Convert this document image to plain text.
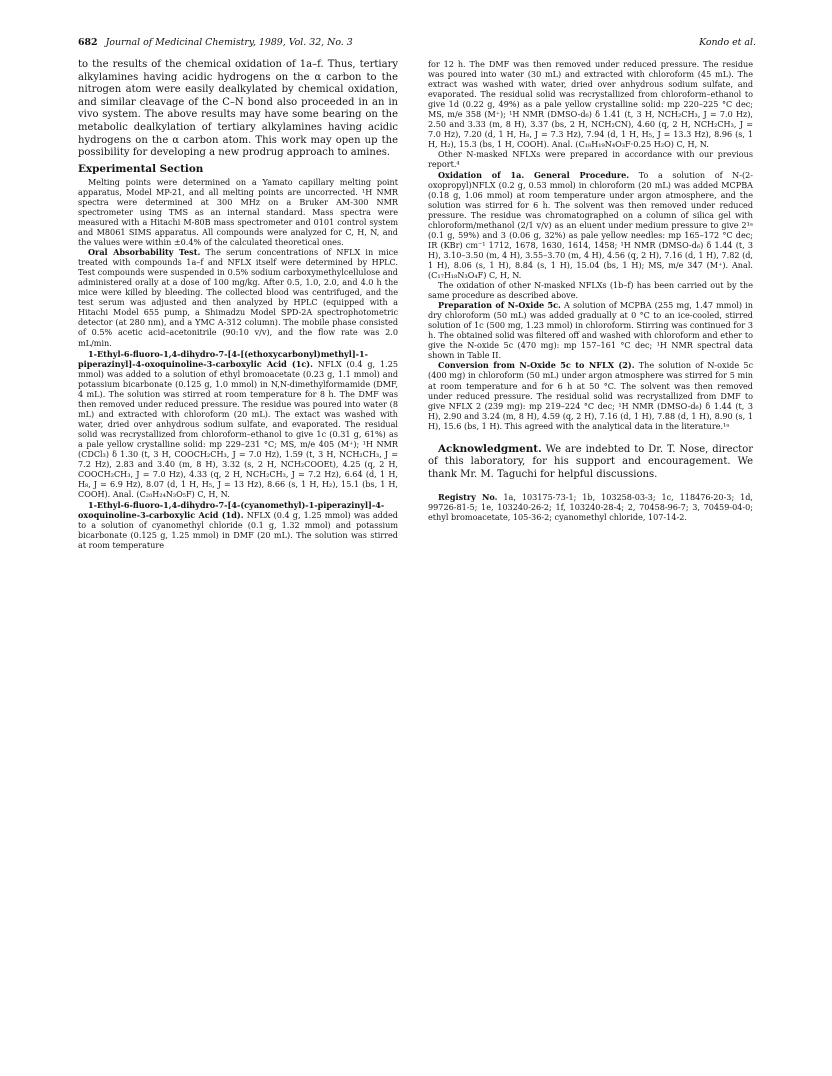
682 Journal of Medicinal Chemistry, 1989, Vol. 32, No. 3	Kondo et al.

to the results of the chemical oxidation of 1a–f. Thus, tertiary alkylamines having acidic hydrogens on the α carbon to the nitrogen atom were easily dealkylated by chemical oxidation, and similar cleavage of the C–N bond also proceeded in an in vivo system. The above results may have some bearing on the metabolic dealkylation of tertiary alkylamines having acidic hydrogens on the α carbon atom. This work may open up the possibility for developing a new prodrug approach to amines.

Experimental Section

Melting points were determined on a Yamato capillary melting point apparatus, Model MP-21, and all melting points are uncorrected. ¹H NMR spectra were determined at 300 MHz on a Bruker AM-300 NMR spectrometer using TMS as an internal standard. Mass spectra were measured with a Hitachi M-80B mass spectrometer and 0101 control system and M8061 SIMS apparatus. All compounds were analyzed for C, H, N, and the values were within ±0.4% of the calculated theoretical ones.

Oral Absorbability Test. The serum concentrations of NFLX in mice treated with compounds 1a–f and NFLX itself were determined by HPLC. Test compounds were suspended in 0.5% sodium carboxymethylcellulose and administered orally at a dose of 100 mg/kg. After 0.5, 1.0, 2.0, and 4.0 h the mice were killed by bleeding. The collected blood was centrifuged, and the test serum was adjusted and then analyzed by HPLC (equipped with a Hitachi Model 655 pump, a Shimadzu Model SPD-2A spectrophotometric detector (at 280 nm), and a YMC A-312 column). The mobile phase consisted of 0.5% acetic acid–acetonitrile (90:10 v/v), and the flow rate was 2.0 mL/min.

1-Ethyl-6-fluoro-1,4-dihydro-7-[4-[(ethoxycarbonyl)methyl]-1-piperazinyl]-4-oxoquinoline-3-carboxylic Acid (1c). NFLX (0.4 g, 1.25 mmol) was added to a solution of ethyl bromoacetate (0.23 g, 1.1 mmol) and potassium bicarbonate (0.125 g, 1.0 mmol) in N,N-dimethylformamide (DMF, 4 mL). The solution was stirred at room temperature for 8 h. The DMF was then removed under reduced pressure. The residue was poured into water (8 mL) and extracted with chloroform (20 mL). The extact was washed with water, dried over anhydrous sodium sulfate, and evaporated. The residual solid was recrystallized from chloroform–ethanol to give 1c (0.31 g, 61%) as a pale yellow crystalline solid: mp 229–231 °C; MS, m/e 405 (M⁺); ¹H NMR (CDCl₃) δ 1.30 (t, 3 H, COOCH₂CH₃, J = 7.0 Hz), 1.59 (t, 3 H, NCH₂CH₃, J = 7.2 Hz), 2.83 and 3.40 (m, 8 H), 3.32 (s, 2 H, NCH₂COOEt), 4.25 (q, 2 H, COOCH₂CH₃, J = 7.0 Hz), 4.33 (q, 2 H, NCH₂CH₃, J = 7.2 Hz), 6.64 (d, 1 H, H₈, J = 6.9 Hz), 8.07 (d, 1 H, H₅, J = 13 Hz), 8.66 (s, 1 H, H₂), 15.1 (bs, 1 H, COOH). Anal. (C₂₀H₂₄N₃O₅F) C, H, N.

1-Ethyl-6-fluoro-1,4-dihydro-7-[4-(cyanomethyl)-1-piperazinyl]-4-oxoquinoline-3-carboxylic Acid (1d). NFLX (0.4 g, 1.25 mmol) was added to a solution of cyanomethyl chloride (0.1 g, 1.32 mmol) and potassium bicarbonate (0.125 g, 1.25 mmol) in DMF (20 mL). The solution was stirred at room temperature

for 12 h. The DMF was then removed under reduced pressure. The residue was poured into water (30 mL) and extracted with chloroform (45 mL). The extract was washed with water, dried over anhydrous sodium sulfate, and evaporated. The residual solid was recrystallized from chloroform–ethanol to give 1d (0.22 g, 49%) as a pale yellow crystalline solid: mp 220–225 °C dec; MS, m/e 358 (M⁺); ¹H NMR (DMSO-d₆) δ 1.41 (t, 3 H, NCH₂CH₃, J = 7.0 Hz), 2.50 and 3.33 (m, 8 H), 3.37 (bs, 2 H, NCH₂CN), 4.60 (q, 2 H, NCH₂CH₃, J = 7.0 Hz), 7.20 (d, 1 H, H₈, J = 7.3 Hz), 7.94 (d, 1 H, H₅, J = 13.3 Hz), 8.96 (s, 1 H, H₂), 15.3 (bs, 1 H, COOH). Anal. (C₁₈H₁₉N₄O₃F·0.25 H₂O) C, H, N.

Other N-masked NFLXs were prepared in accordance with our previous report.⁴

Oxidation of 1a. General Procedure. To a solution of N-(2-oxopropyl)NFLX (0.2 g, 0.53 mmol) in chloroform (20 mL) was added MCPBA (0.18 g, 1.06 mmol) at room temperature under argon atmosphere, and the solution was stirred for 6 h. The solvent was then removed under reduced pressure. The residue was chromatographed on a column of silica gel with chloroform/methanol (2/1 v/v) as an eluent under medium pressure to give 2¹ᵃ (0.1 g, 59%) and 3 (0.06 g, 32%) as pale yellow needles: mp 165–172 °C dec; IR (KBr) cm⁻¹ 1712, 1678, 1630, 1614, 1458; ¹H NMR (DMSO-d₆) δ 1.44 (t, 3 H), 3.10–3.50 (m, 4 H), 3.55–3.70 (m, 4 H), 4.56 (q, 2 H), 7.16 (d, 1 H), 7.82 (d, 1 H), 8.06 (s, 1 H), 8.84 (s, 1 H), 15.04 (bs, 1 H); MS, m/e 347 (M⁺). Anal. (C₁₇H₁₈N₃O₄F) C, H, N.

The oxidation of other N-masked NFLXs (1b–f) has been carried out by the same procedure as described above.

Preparation of N-Oxide 5c. A solution of MCPBA (255 mg, 1.47 mmol) in dry chloroform (50 mL) was added gradually at 0 °C to an ice-cooled, stirred solution of 1c (500 mg, 1.23 mmol) in chloroform. Stirring was continued for 3 h. The obtained solid was filtered off and washed with chloroform and ether to give the N-oxide 5c (470 mg): mp 157–161 °C dec; ¹H NMR spectral data shown in Table II.

Conversion from N-Oxide 5c to NFLX (2). The solution of N-oxide 5c (400 mg) in chloroform (50 mL) under argon atmosphere was stirred for 5 min at room temperature and for 6 h at 50 °C. The solvent was then removed under reduced pressure. The residual solid was recrystallized from DMF to give NFLX 2 (239 mg): mp 219–224 °C dec; ¹H NMR (DMSO-d₆) δ 1.44 (t, 3 H), 2.90 and 3.24 (m, 8 H), 4.59 (q, 2 H), 7.16 (d, 1 H), 7.88 (d, 1 H), 8.90 (s, 1 H), 15.6 (bs, 1 H). This agreed with the analytical data in the literature.¹ᵃ

Acknowledgment. We are indebted to Dr. T. Nose, director of this laboratory, for his support and encouragement. We thank Mr. M. Taguchi for helpful discussions.

Registry No. 1a, 103175-73-1; 1b, 103258-03-3; 1c, 118476-20-3; 1d, 99726-81-5; 1e, 103240-26-2; 1f, 103240-28-4; 2, 70458-96-7; 3, 70459-04-0; ethyl bromoacetate, 105-36-2; cyanomethyl chloride, 107-14-2.
